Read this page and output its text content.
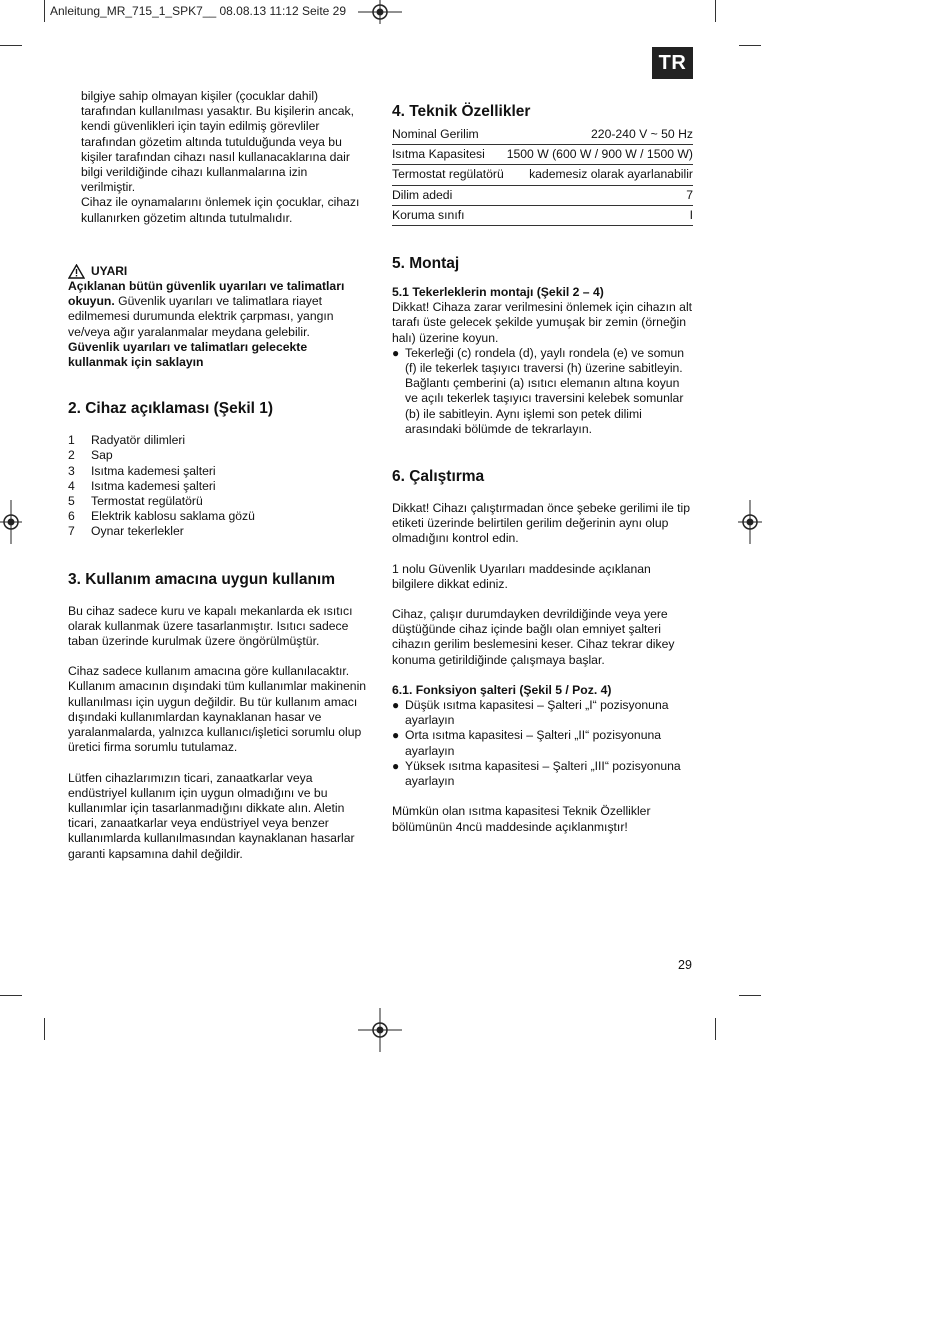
Anleitung_MR_715_1_SPK7__ 08.08.13 11:12 Seite 29
TR

bilgiye sahip olmayan kişiler (çocuklar dahil)

tarafından kullanılması yasaktır. Bu kişilerin ancak,

kendi güvenlikleri için tayin edilmiş görevliler

tarafından gözetim altında tutulduğunda veya bu

kişiler tarafından cihazı nasıl kullanacaklarına dair

bilgi verildiğinde cihazı kullanmalarına izin

verilmiştir.

Cihaz ile oynamalarını önlemek için çocuklar, cihazı

kullanırken gözetim altında tutulmalıdır.

UYARI

Açıklanan bütün güvenlik uyarıları ve talimatları okuyun. Güvenlik uyarıları ve talimatlara riayet edilmemesi durumunda elektrik çarpması, yangın ve/veya ağır yaralanmalar meydana gelebilir.

Güvenlik uyarıları ve talimatları gelecekte kullanmak için saklayın

2. Cihaz açıklaması (Şekil 1)
1	Radyatör dilimleri
2	Sap
3	Isıtma kademesi şalteri
4	Isıtma kademesi şalteri
5	Termostat regülatörü
6	Elektrik kablosu saklama gözü
7	Oynar tekerlekler
3. Kullanım amacına uygun kullanım

Bu cihaz sadece kuru ve kapalı mekanlarda ek ısıtıcı olarak kullanmak üzere tasarlanmıştır. Isıtıcı sadece taban üzerinde kurulmak üzere öngörülmüştür.

Cihaz sadece kullanım amacına göre kullanılacaktır. Kullanım amacının dışındaki tüm kullanımlar makinenin kullanılması için uygun değildir. Bu tür kullanım amacı dışındaki kullanımlardan kaynaklanan hasar ve yaralanmalarda, yalnızca kullanıcı/işletici sorumlu olup üretici firma sorumlu tutulamaz.

Lütfen cihazlarımızın ticari, zanaatkarlar veya endüstriyel kullanım için uygun olmadığını ve bu kullanımlar için tasarlanmadığını dikkate alın. Aletin ticari, zanaatkarlar veya endüstriyel veya benzer kullanımlarda kullanılmasından kaynaklanan hasarlar garanti kapsamına dahil değildir.

4. Teknik Özellikler
Nominal Gerilim	220-240 V ~ 50 Hz
Isıtma Kapasitesi	1500 W (600 W / 900 W / 1500 W)
Termostat regülatörü	kademesiz olarak ayarlanabilir
Dilim adedi	7
Koruma sınıfı	I
5. Montaj
5.1 Tekerleklerin montajı (Şekil 2 – 4)

Dikkat! Cihaza zarar verilmesini önlemek için cihazın alt tarafı üste gelecek şekilde yumuşak bir zemin (örneğin halı) üzerine koyun.

● Tekerleği (c) rondela (d), yaylı rondela (e) ve somun (f) ile tekerlek taşıyıcı traversi (h) üzerine sabitleyin. Bağlantı çemberini (a) ısıtıcı elemanın altına koyun ve açılı tekerlek taşıyıcı traversini kelebek somunlar (b) ile sabitleyin. Aynı işlemi son petek dilimi arasındaki bölümde de tekrarlayın.
6. Çalıştırma

Dikkat! Cihazı çalıştırmadan önce şebeke gerilimi ile tip etiketi üzerinde belirtilen gerilim değerinin aynı olup olmadığını kontrol edin.

1 nolu Güvenlik Uyarıları maddesinde açıklanan bilgilere dikkat ediniz.

Cihaz, çalışır durumdayken devrildiğinde veya yere düştüğünde cihaz içinde bağlı olan emniyet şalteri cihazın gerilim beslemesini keser. Cihaz tekrar dikey konuma getirildiğinde çalışmaya başlar.

6.1. Fonksiyon şalteri (Şekil 5 / Poz. 4)
● Düşük ısıtma kapasitesi – Şalteri „I“ pozisyonuna ayarlayın
● Orta ısıtma kapasitesi – Şalteri „II“ pozisyonuna ayarlayın
● Yüksek ısıtma kapasitesi – Şalteri „III“ pozisyonuna ayarlayın

Mümkün olan ısıtma kapasitesi Teknik Özellikler bölümünün 4ncü maddesinde açıklanmıştır!

29
